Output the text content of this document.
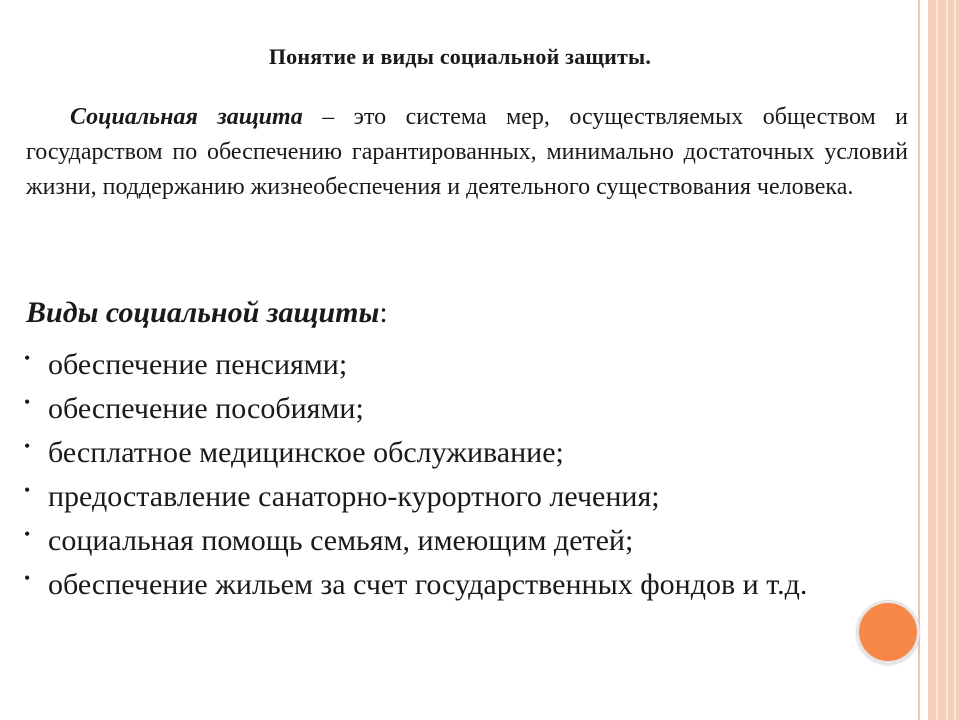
Понятие и виды социальной защиты.

Социальная защита – это система мер, осуществляемых обществом и государством по обеспечению гарантированных, минимально достаточных условий жизни, поддержанию жизнеобеспечения и деятельного существования человека.

Виды социальной защиты:

• обеспечение пенсиями;
• обеспечение пособиями;
• бесплатное медицинское обслуживание;
• предоставление санаторно-курортного лечения;
• социальная помощь семьям, имеющим детей;
• обеспечение жильем за счет государственных фондов и т.д.
